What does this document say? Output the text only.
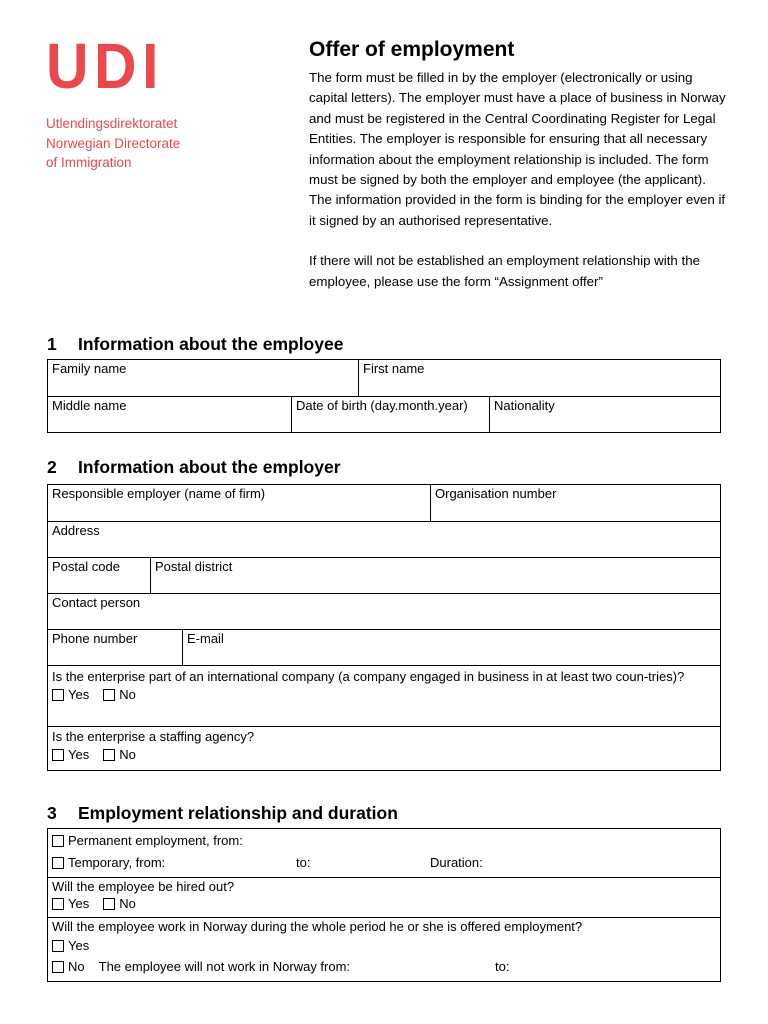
UDI
Utlendingsdirektoratet
Norwegian Directorate
of Immigration
Offer of employment

The form must be filled in by the employer (electronically or using capital letters). The employer must have a place of business in Norway and must be registered in the Central Coordinating Register for Legal Entities. The employer is responsible for ensuring that all necessary information about the employment relationship is included. The form must be signed by both the employer and employee (the applicant). The information provided in the form is binding for the employer even if it signed by an authorised representative.

If there will not be established an employment relationship with the employee, please use the form “Assignment offer”

1 Information about the employee
Family name	First name
Middle name	Date of birth (day.month.year)	Nationality
2 Information about the employer
Responsible employer (name of firm)	Organisation number
Address
Postal code	Postal district
Contact person
Phone number	E-mail
Is the enterprise part of an international company (a company engaged in business in at least two coun-tries)?
Yes No
Is the enterprise a staffing agency?
Yes No
3 Employment relationship and duration
Permanent employment, from:
Temporary, from:	to:	Duration:
Will the employee be hired out?
Yes No
Will the employee work in Norway during the whole period he or she is offered employment?
Yes
No The employee will not work in Norway from:	to:
